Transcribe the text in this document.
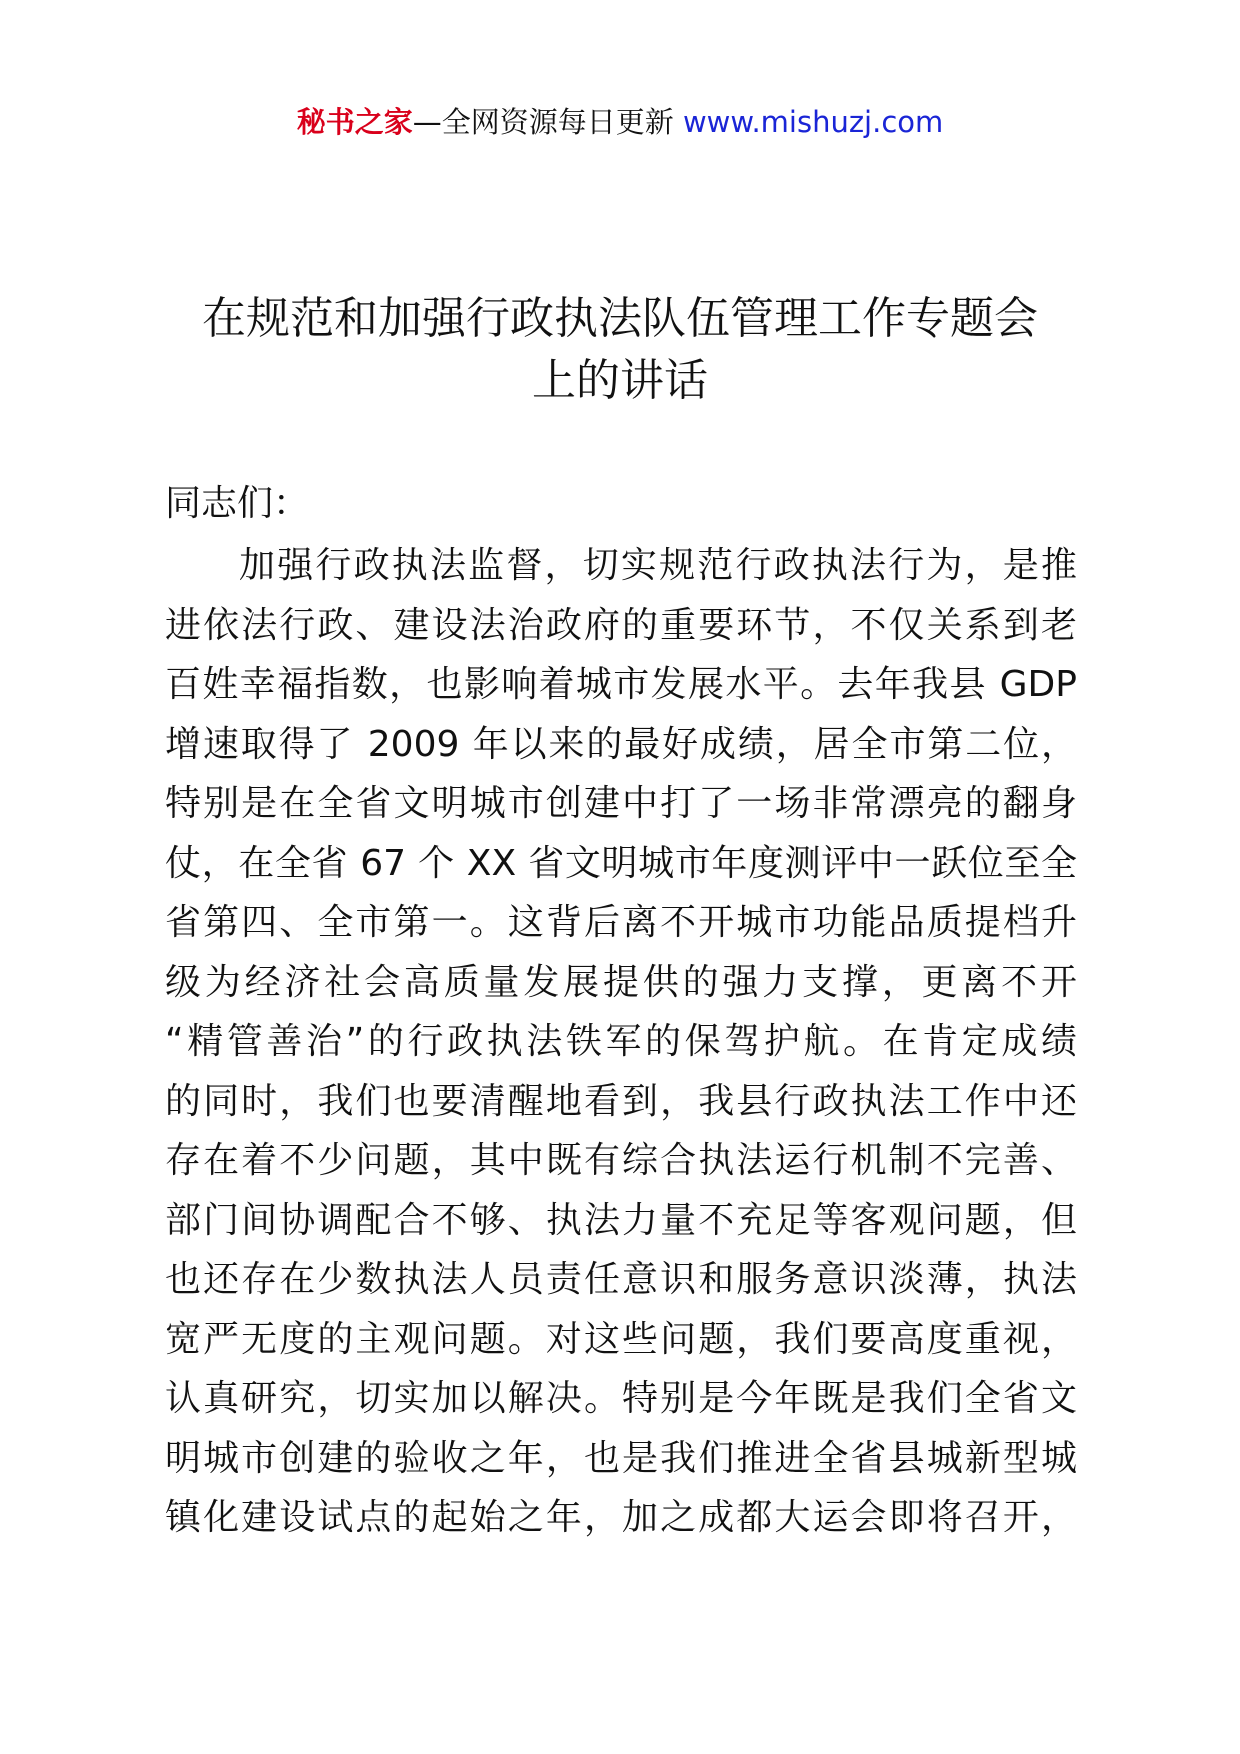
秘书之家—全网资源每日更新 www.mishuzj.com
在规范和加强行政执法队伍管理工作专题会
上的讲话
同志们：
加强行政执法监督，切实规范行政执法行为，是推
进依法行政、建设法治政府的重要环节，不仅关系到老
百姓幸福指数，也影响着城市发展水平。去年我县 GDP
增速取得了 2009 年以来的最好成绩，居全市第二位，
特别是在全省文明城市创建中打了一场非常漂亮的翻身
仗，在全省 67 个 XX 省文明城市年度测评中一跃位至全
省第四、全市第一。这背后离不开城市功能品质提档升
级为经济社会高质量发展提供的强力支撑，更离不开
“精管善治”的行政执法铁军的保驾护航。在肯定成绩
的同时，我们也要清醒地看到，我县行政执法工作中还
存在着不少问题，其中既有综合执法运行机制不完善、
部门间协调配合不够、执法力量不充足等客观问题，但
也还存在少数执法人员责任意识和服务意识淡薄，执法
宽严无度的主观问题。对这些问题，我们要高度重视，
认真研究，切实加以解决。特别是今年既是我们全省文
明城市创建的验收之年，也是我们推进全省县城新型城
镇化建设试点的起始之年，加之成都大运会即将召开，
